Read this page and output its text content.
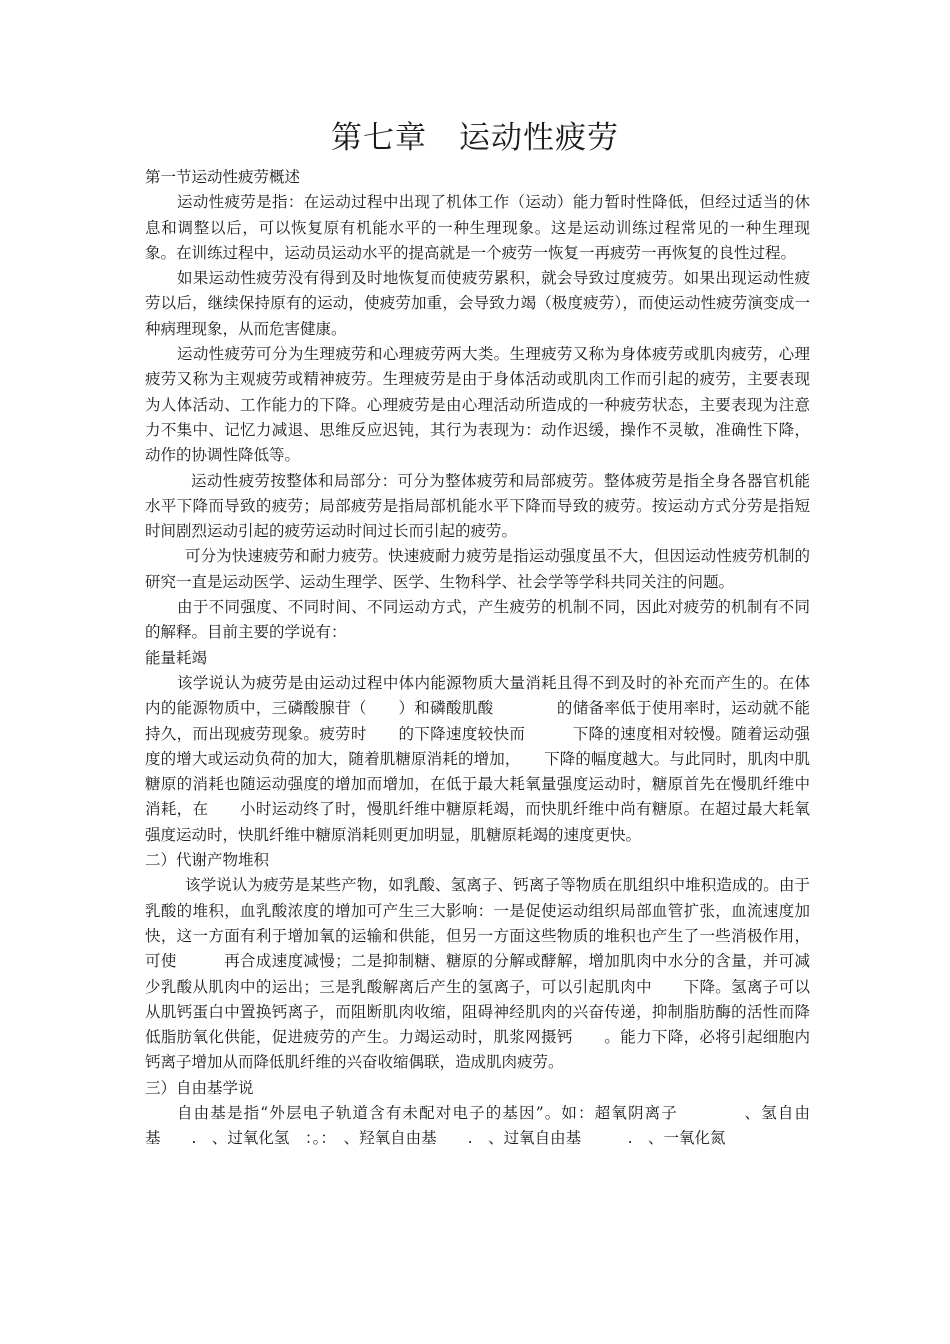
第七章　运动性疲劳

第一节运动性疲劳概述

运动性疲劳是指：在运动过程中出现了机体工作（运动）能力暂时性降低，但经过适当的休息和调整以后，可以恢复原有机能水平的一种生理现象。这是运动训练过程常见的一种生理现象。在训练过程中，运动员运动水平的提高就是一个疲劳一恢复一再疲劳一再恢复的良性过程。

如果运动性疲劳没有得到及时地恢复而使疲劳累积，就会导致过度疲劳。如果出现运动性疲劳以后，继续保持原有的运动，使疲劳加重，会导致力竭（极度疲劳），而使运动性疲劳演变成一种病理现象，从而危害健康。

运动性疲劳可分为生理疲劳和心理疲劳两大类。生理疲劳又称为身体疲劳或肌肉疲劳，心理疲劳又称为主观疲劳或精神疲劳。生理疲劳是由于身体活动或肌肉工作而引起的疲劳，主要表现为人体活动、工作能力的下降。心理疲劳是由心理活动所造成的一种疲劳状态，主要表现为注意力不集中、记忆力减退、思维反应迟钝，其行为表现为：动作迟缓，操作不灵敏，准确性下降，动作的协调性降低等。

运动性疲劳按整体和局部分：可分为整体疲劳和局部疲劳。整体疲劳是指全身各器官机能水平下降而导致的疲劳；局部疲劳是指局部机能水平下降而导致的疲劳。按运动方式分劳是指短时间剧烈运动引起的疲劳运动时间过长而引起的疲劳。

可分为快速疲劳和耐力疲劳。快速疲耐力疲劳是指运动强度虽不大，但因运动性疲劳机制的研究一直是运动医学、运动生理学、医学、生物科学、社会学等学科共同关注的问题。

由于不同强度、不同时间、不同运动方式，产生疲劳的机制不同，因此对疲劳的机制有不同的解释。目前主要的学说有：

能量耗竭

该学说认为疲劳是由运动过程中体内能源物质大量消耗且得不到及时的补充而产生的。在体内的能源物质中，三磷酸腺苷（　　）和磷酸肌酸　　　　的储备率低于使用率时，运动就不能持久，而出现疲劳现象。疲劳时　　的下降速度较快而　　　下降的速度相对较慢。随着运动强度的增大或运动负荷的加大，随着肌糖原消耗的增加，　　下降的幅度越大。与此同时，肌肉中肌糖原的消耗也随运动强度的增加而增加，在低于最大耗氧量强度运动时，糖原首先在慢肌纤维中消耗，在　　小时运动终了时，慢肌纤维中糖原耗竭，而快肌纤维中尚有糖原。在超过最大耗氧强度运动时，快肌纤维中糖原消耗则更加明显，肌糖原耗竭的速度更快。

二）代谢产物堆积

该学说认为疲劳是某些产物，如乳酸、氢离子、钙离子等物质在肌组织中堆积造成的。由于乳酸的堆积，血乳酸浓度的增加可产生三大影响：一是促使运动组织局部血管扩张，血流速度加快，这一方面有利于增加氧的运输和供能，但另一方面这些物质的堆积也产生了一些消极作用，可使　　　再合成速度减慢；二是抑制糖、糖原的分解或酵解，增加肌肉中水分的含量，并可减少乳酸从肌肉中的运出；三是乳酸解离后产生的氢离子，可以引起肌肉中　　下降。氢离子可以从肌钙蛋白中置换钙离子，而阻断肌肉收缩，阻碍神经肌肉的兴奋传递，抑制脂肪酶的活性而降低脂肪氧化供能，促进疲劳的产生。力竭运动时，肌浆网摄钙　　。能力下降，必将引起细胞内钙离子增加从而降低肌纤维的兴奋收缩偶联，造成肌肉疲劳。

三）自由基学说

自由基是指“外层电子轨道含有未配对电子的基因”。如：超氧阴离子　　　　、氢自由基　　.　、过氧化氢　：。：　、羟氧自由基　　.　、过氧自由基　　　.　、一氧化氮
